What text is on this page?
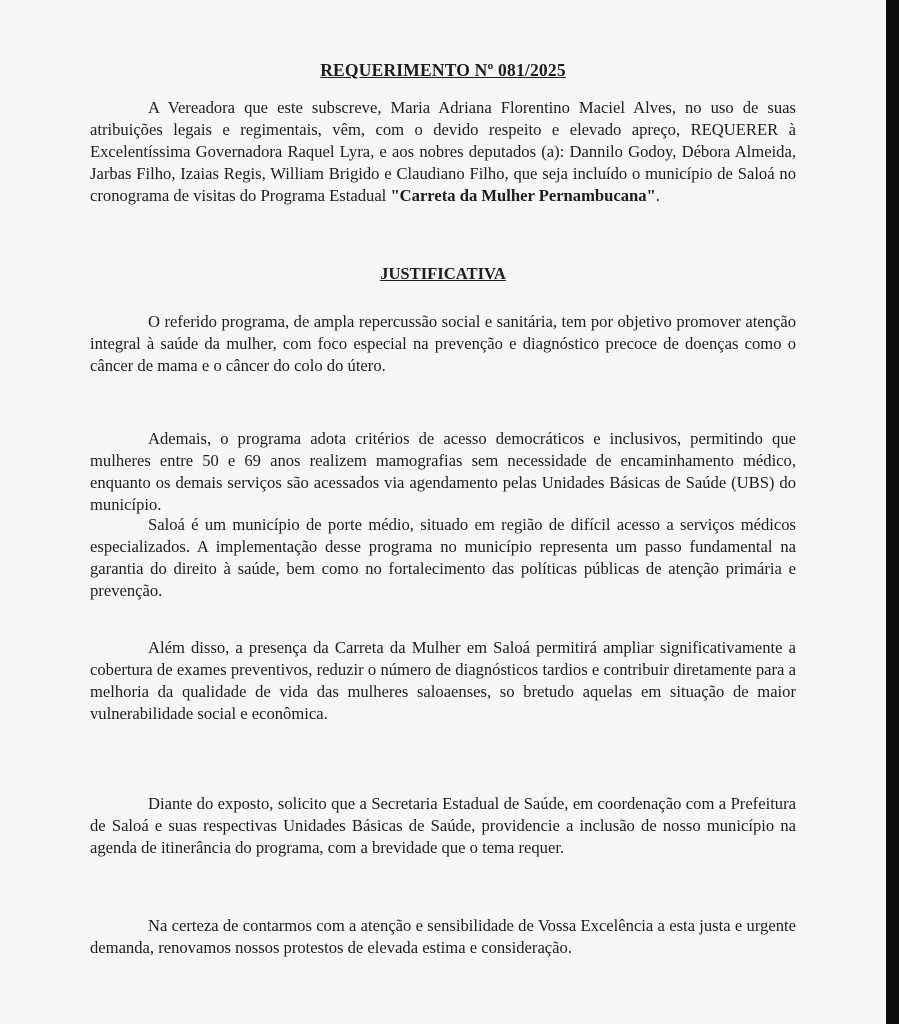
REQUERIMENTO Nº 081/2025

A Vereadora que este subscreve, Maria Adriana Florentino Maciel Alves, no uso de suas atribuições legais e regimentais, vêm, com o devido respeito e elevado apreço, REQUERER à Excelentíssima Governadora Raquel Lyra, e aos nobres deputados (a): Dannilo Godoy, Débora Almeida, Jarbas Filho, Izaias Regis, William Brigido e Claudiano Filho, que seja incluído o município de Saloá no cronograma de visitas do Programa Estadual "Carreta da Mulher Pernambucana".

JUSTIFICATIVA

O referido programa, de ampla repercussão social e sanitária, tem por objetivo promover atenção integral à saúde da mulher, com foco especial na prevenção e diagnóstico precoce de doenças como o câncer de mama e o câncer do colo do útero.

Ademais, o programa adota critérios de acesso democráticos e inclusivos, permitindo que mulheres entre 50 e 69 anos realizem mamografias sem necessidade de encaminhamento médico, enquanto os demais serviços são acessados via agendamento pelas Unidades Básicas de Saúde (UBS) do município.

Saloá é um município de porte médio, situado em região de difícil acesso a serviços médicos especializados. A implementação desse programa no município representa um passo fundamental na garantia do direito à saúde, bem como no fortalecimento das políticas públicas de atenção primária e prevenção.

Além disso, a presença da Carreta da Mulher em Saloá permitirá ampliar significativamente a cobertura de exames preventivos, reduzir o número de diagnósticos tardios e contribuir diretamente para a melhoria da qualidade de vida das mulheres saloaenses, so bretudo aquelas em situação de maior vulnerabilidade social e econômica.

Diante do exposto, solicito que a Secretaria Estadual de Saúde, em coordenação com a Prefeitura de Saloá e suas respectivas Unidades Básicas de Saúde, providencie a inclusão de nosso município na agenda de itinerância do programa, com a brevidade que o tema requer.

Na certeza de contarmos com a atenção e sensibilidade de Vossa Excelência a esta justa e urgente demanda, renovamos nossos protestos de elevada estima e consideração.
